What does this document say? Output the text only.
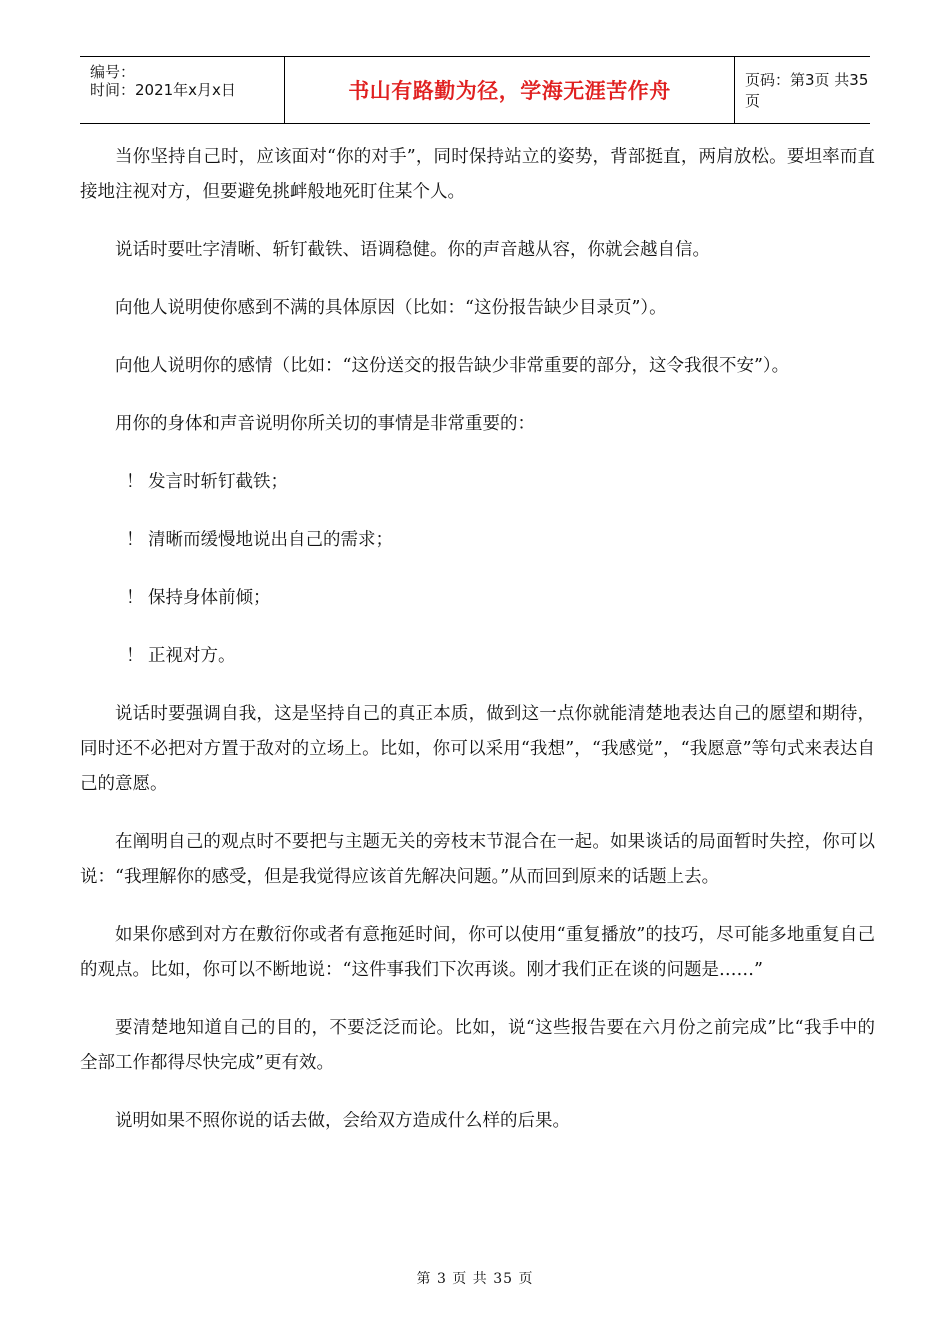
编号：
时间：2021年x月x日	书山有路勤为径，学海无涯苦作舟	页码：第3页 共35页

当你坚持自己时，应该面对“你的对手”，同时保持站立的姿势，背部挺直，两肩放松。要坦率而直接地注视对方，但要避免挑衅般地死盯住某个人。

说话时要吐字清晰、斩钉截铁、语调稳健。你的声音越从容，你就会越自信。

向他人说明使你感到不满的具体原因（比如：“这份报告缺少目录页”）。

向他人说明你的感情（比如：“这份送交的报告缺少非常重要的部分，这令我很不安”）。

用你的身体和声音说明你所关切的事情是非常重要的：

！ 发言时斩钉截铁；
！ 清晰而缓慢地说出自己的需求；
！ 保持身体前倾；
！ 正视对方。

说话时要强调自我，这是坚持自己的真正本质，做到这一点你就能清楚地表达自己的愿望和期待，同时还不必把对方置于敌对的立场上。比如，你可以采用“我想”，“我感觉”，“我愿意”等句式来表达自己的意愿。

在阐明自己的观点时不要把与主题无关的旁枝末节混合在一起。如果谈话的局面暂时失控，你可以说：“我理解你的感受，但是我觉得应该首先解决问题。”从而回到原来的话题上去。

如果你感到对方在敷衍你或者有意拖延时间，你可以使用“重复播放”的技巧，尽可能多地重复自己的观点。比如，你可以不断地说：“这件事我们下次再谈。刚才我们正在谈的问题是……”

要清楚地知道自己的目的，不要泛泛而论。比如，说“这些报告要在六月份之前完成”比“我手中的全部工作都得尽快完成”更有效。

说明如果不照你说的话去做，会给双方造成什么样的后果。

第 3 页 共 35 页
